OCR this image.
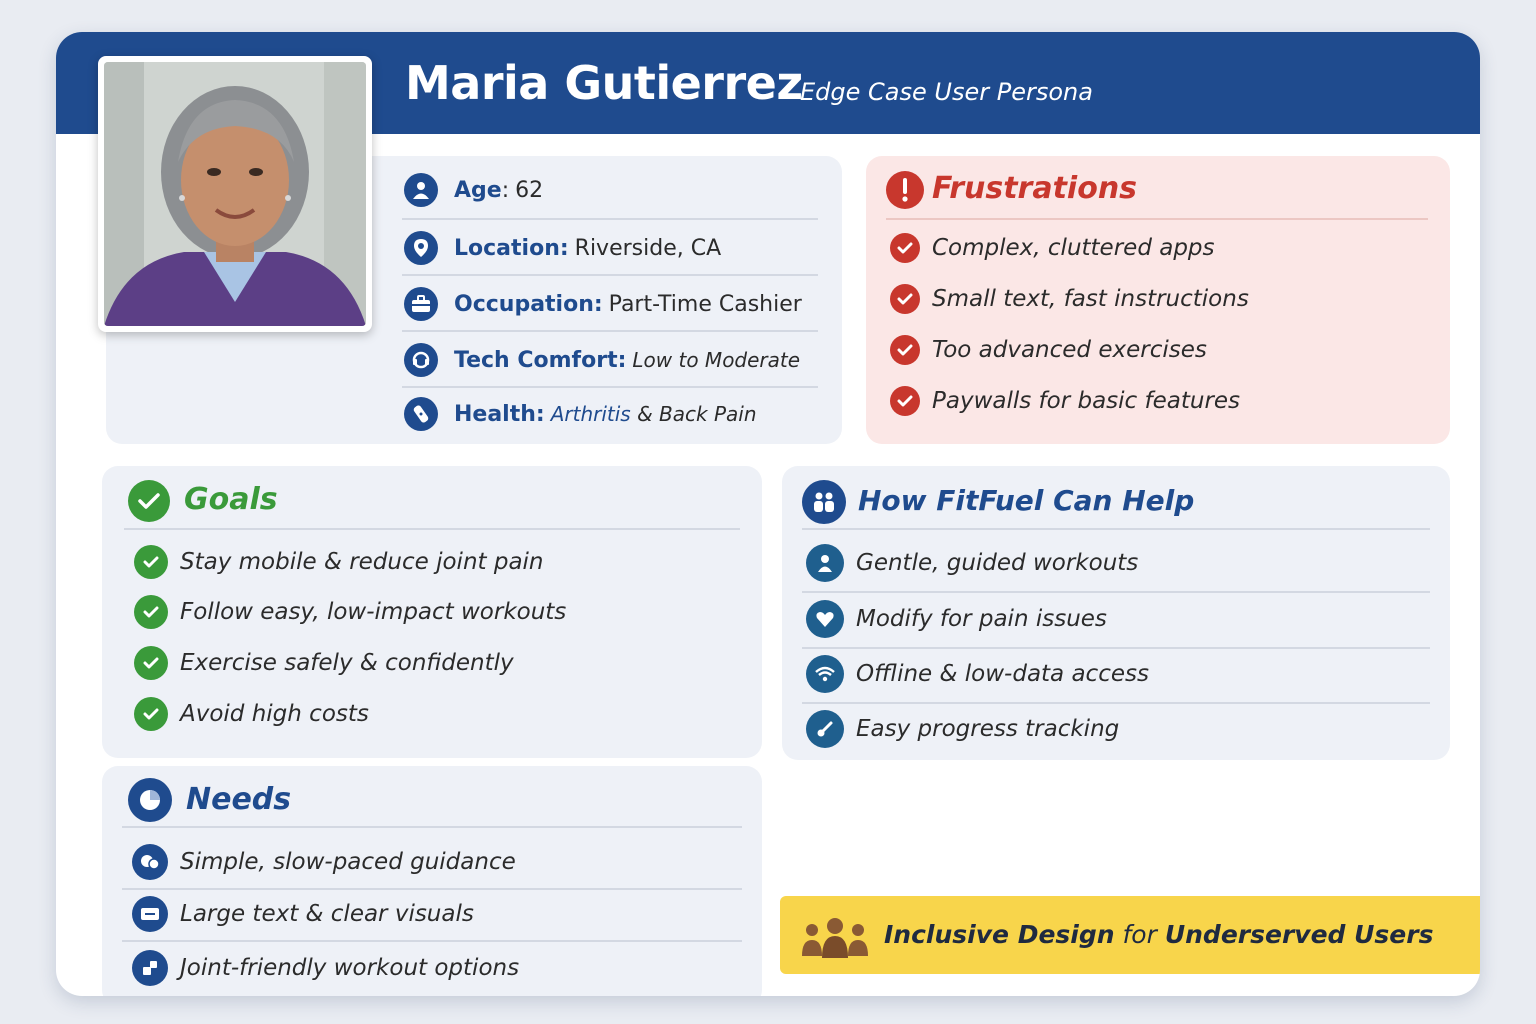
Maria Gutierrez
Edge Case User Persona
Age : 62
Location: Riverside, CA
Occupation: Part-Time Cashier
Tech Comfort: Low to Moderate
Health: Arthritis & Back Pain
Frustrations
Goals
Needs
How FitFuel Can Help
Inclusive Design for Underserved Users
Complex, cluttered apps
Small text, fast instructions
Too advanced exercises
Paywalls for basic features
Stay mobile & reduce joint pain
Follow easy, low-impact workouts
Exercise safely & confidently
Avoid high costs
Simple, slow-paced guidance
Large text & clear visuals
Joint-friendly workout options
Gentle, guided workouts
Modify for pain issues
Offline & low-data access
Easy progress tracking
